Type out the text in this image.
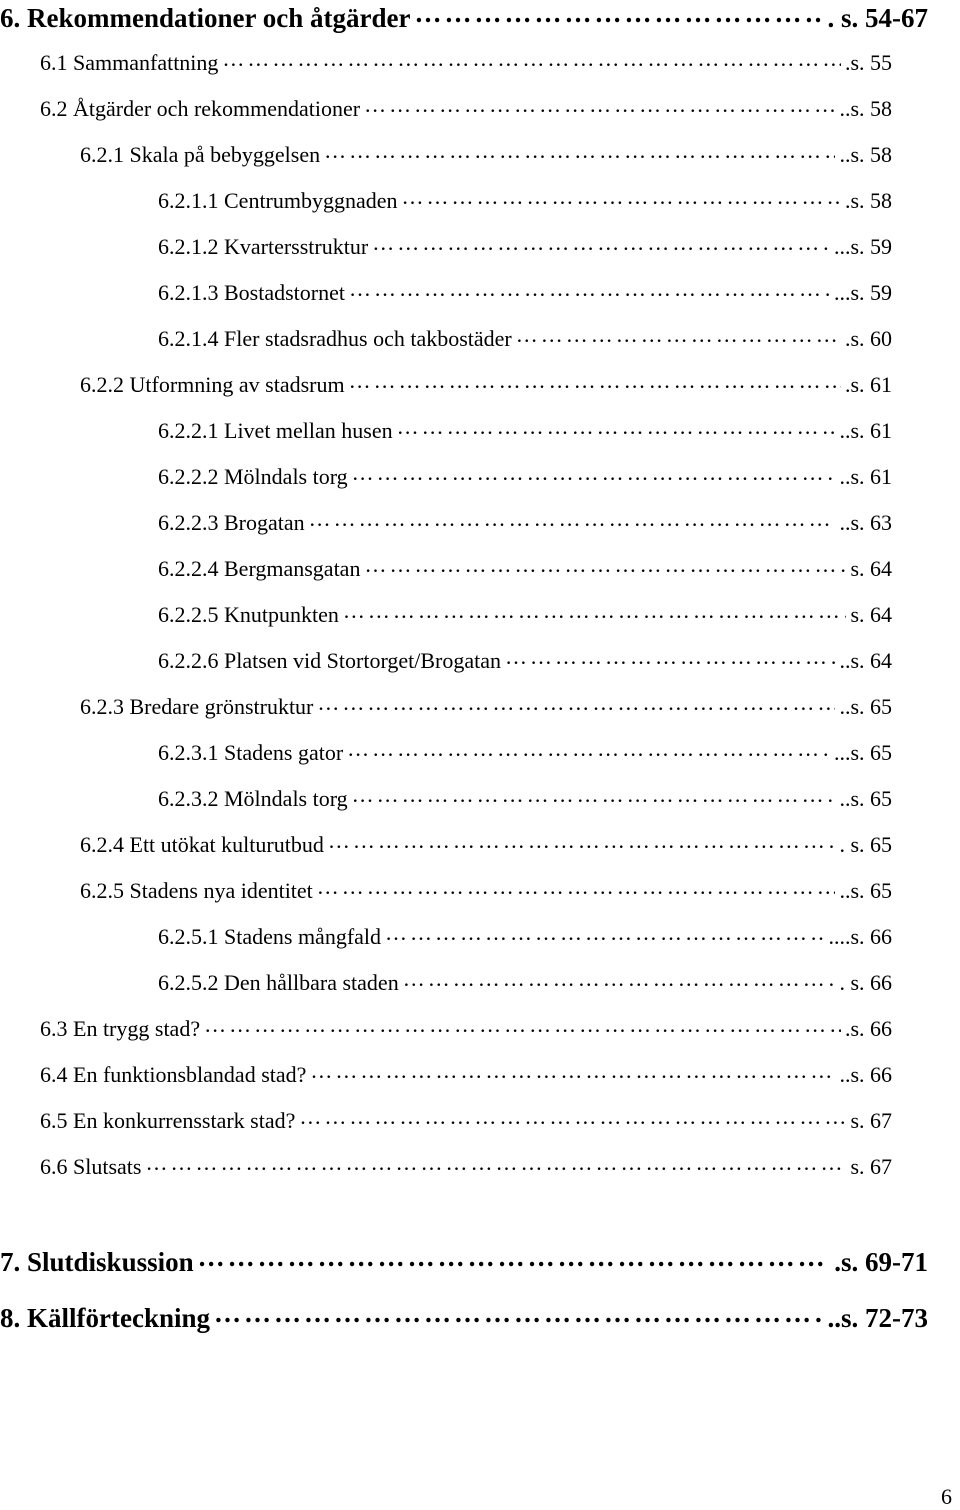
6. Rekommendationer och åtgärder ……………………………………………………………………………………………………………………………………………………………………………………………	. s. 54-67
6.1 Sammanfattning ……………………………………………………………………………………………………………………………………………………………………………………………	.s. 55
6.2 Åtgärder och rekommendationer ……………………………………………………………………………………………………………………………………………………………………………………………	..s. 58
6.2.1 Skala på bebyggelsen ……………………………………………………………………………………………………………………………………………………………………………………………	..s. 58
6.2.1.1 Centrumbyggnaden ……………………………………………………………………………………………………………………………………………………………………………………………	.s. 58
6.2.1.2 Kvartersstruktur ……………………………………………………………………………………………………………………………………………………………………………………………	...s. 59
6.2.1.3 Bostadstornet ……………………………………………………………………………………………………………………………………………………………………………………………	...s. 59
6.2.1.4 Fler stadsradhus och takbostäder ……………………………………………………………………………………………………………………………………………………………………………………………	.s. 60
6.2.2 Utformning av stadsrum ……………………………………………………………………………………………………………………………………………………………………………………………	.s. 61
6.2.2.1 Livet mellan husen ……………………………………………………………………………………………………………………………………………………………………………………………	..s. 61
6.2.2.2 Mölndals torg ……………………………………………………………………………………………………………………………………………………………………………………………	..s. 61
6.2.2.3 Brogatan ……………………………………………………………………………………………………………………………………………………………………………………………	..s. 63
6.2.2.4 Bergmansgatan ……………………………………………………………………………………………………………………………………………………………………………………………	s. 64
6.2.2.5 Knutpunkten ……………………………………………………………………………………………………………………………………………………………………………………………	s. 64
6.2.2.6 Platsen vid Stortorget/Brogatan ……………………………………………………………………………………………………………………………………………………………………………………………	..s. 64
6.2.3 Bredare grönstruktur ……………………………………………………………………………………………………………………………………………………………………………………………	..s. 65
6.2.3.1 Stadens gator ……………………………………………………………………………………………………………………………………………………………………………………………	...s. 65
6.2.3.2 Mölndals torg ……………………………………………………………………………………………………………………………………………………………………………………………	..s. 65
6.2.4 Ett utökat kulturutbud ……………………………………………………………………………………………………………………………………………………………………………………………	. s. 65
6.2.5 Stadens nya identitet ……………………………………………………………………………………………………………………………………………………………………………………………	..s. 65
6.2.5.1 Stadens mångfald ……………………………………………………………………………………………………………………………………………………………………………………………	....s. 66
6.2.5.2 Den hållbara staden ……………………………………………………………………………………………………………………………………………………………………………………………	. s. 66
6.3 En trygg stad? ……………………………………………………………………………………………………………………………………………………………………………………………	.s. 66
6.4 En funktionsblandad stad? ……………………………………………………………………………………………………………………………………………………………………………………………	..s. 66
6.5 En konkurrensstark stad? ……………………………………………………………………………………………………………………………………………………………………………………………	s. 67
6.6 Slutsats ……………………………………………………………………………………………………………………………………………………………………………………………	s. 67
7. Slutdiskussion ……………………………………………………………………………………………………………………………………………………………………………………………	.s. 69-71
8. Källförteckning ……………………………………………………………………………………………………………………………………………………………………………………………	..s. 72-73
6
